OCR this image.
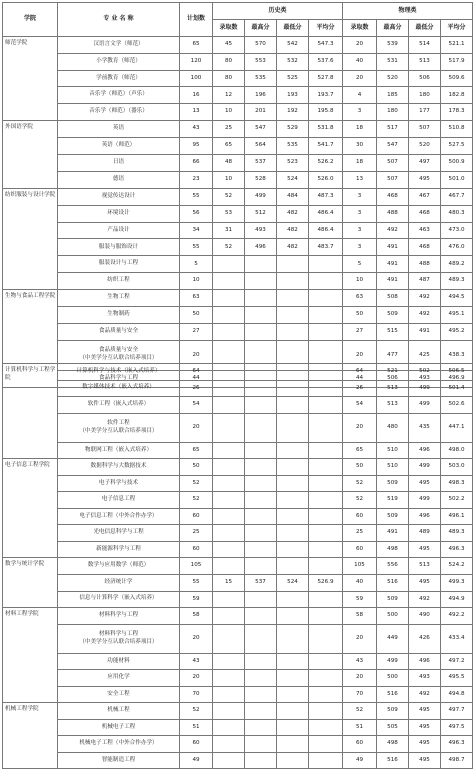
学院	专 业 名 称	计划数	历史类				物理类			
			录取数	最高分	最低分	平均分	录取数	最高分	最低分	平均分
师范学院	汉语言文学（师范）	65	45	570	542	547.3	20	539	514	521.1
	小学教育（师范）	120	80	553	532	537.6	40	531	513	517.9
	学前教育（师范）	100	80	535	525	527.8	20	520	506	509.6
	音乐学（师范）（声乐）	16	12	196	193	193.7	4	185	180	182.8
	音乐学（师范）（器乐）	13	10	201	192	195.8	3	180	177	178.3
外国语学院	英语	43	25	547	529	531.8	18	517	507	510.8
	英语（师范）	95	65	564	535	541.7	30	547	520	527.5
	日语	66	48	537	523	526.2	18	507	497	500.9
	德语	23	10	528	524	526.0	13	507	495	501.0
纺织服装与设计学院	视觉传达设计	55	52	499	484	487.3	3	468	467	467.7
	环境设计	56	53	512	482	486.4	3	488	468	480.3
	产品设计	34	31	493	482	486.4	3	492	463	473.0
	服装与服饰设计	55	52	496	482	483.7	3	491	468	476.0
	服装设计与工程	5					5	491	488	489.2
	纺织工程	10					10	491	487	489.3
生物与食品工程学院	生物工程	63					63	508	492	494.5
	生物制药	50					50	509	492	495.1
	食品质量与安全	27					27	515	491	495.2
	食品质量与安全
（中美学分互认联合培养项目）	20					20	477	425	438.3
	食品科学与工程	44					44	506	493	496.9
计算机科学与工程学院	计算机科学与技术（嵌入式培养）	64					64	521	502	506.5
	数字媒体技术（嵌入式培养）	26					26	513	499	501.4
	软件工程（嵌入式培养）	54					54	513	499	502.6
	软件工程
（中美学分互认联合培养项目）	20					20	480	435	447.1
	物联网工程（嵌入式培养）	65					65	510	496	498.0
电子信息工程学院	数据科学与大数据技术	50					50	510	499	503.0
	电子科学与技术	52					52	509	495	498.3
	电子信息工程	52					52	519	499	502.2
	电子信息工程（中外合作办学）	60					60	509	496	496.1
	光电信息科学与工程	25					25	491	489	489.3
	新能源科学与工程	60					60	498	495	496.3
数学与统计学院	数学与应用数学（师范）	105					105	556	513	524.2
	经济统计学	55	15	537	524	526.9	40	516	495	499.3
	信息与计算科学（嵌入式培养）	59					59	509	492	494.9
材料工程学院	材料科学与工程	58					58	500	490	492.2
	材料科学与工程
（中美学分互认联合培养项目）	20					20	449	426	433.4
	功能材料	43					43	499	496	497.2
	应用化学	20					20	500	493	495.5
	安全工程	70					70	516	492	494.8
机械工程学院	机械工程	52					52	509	495	497.7
	机械电子工程	51					51	505	495	497.5
	机械电子工程（中外合作办学）	60					60	498	495	496.3
	智能制造工程	49					49	516	495	498.7
